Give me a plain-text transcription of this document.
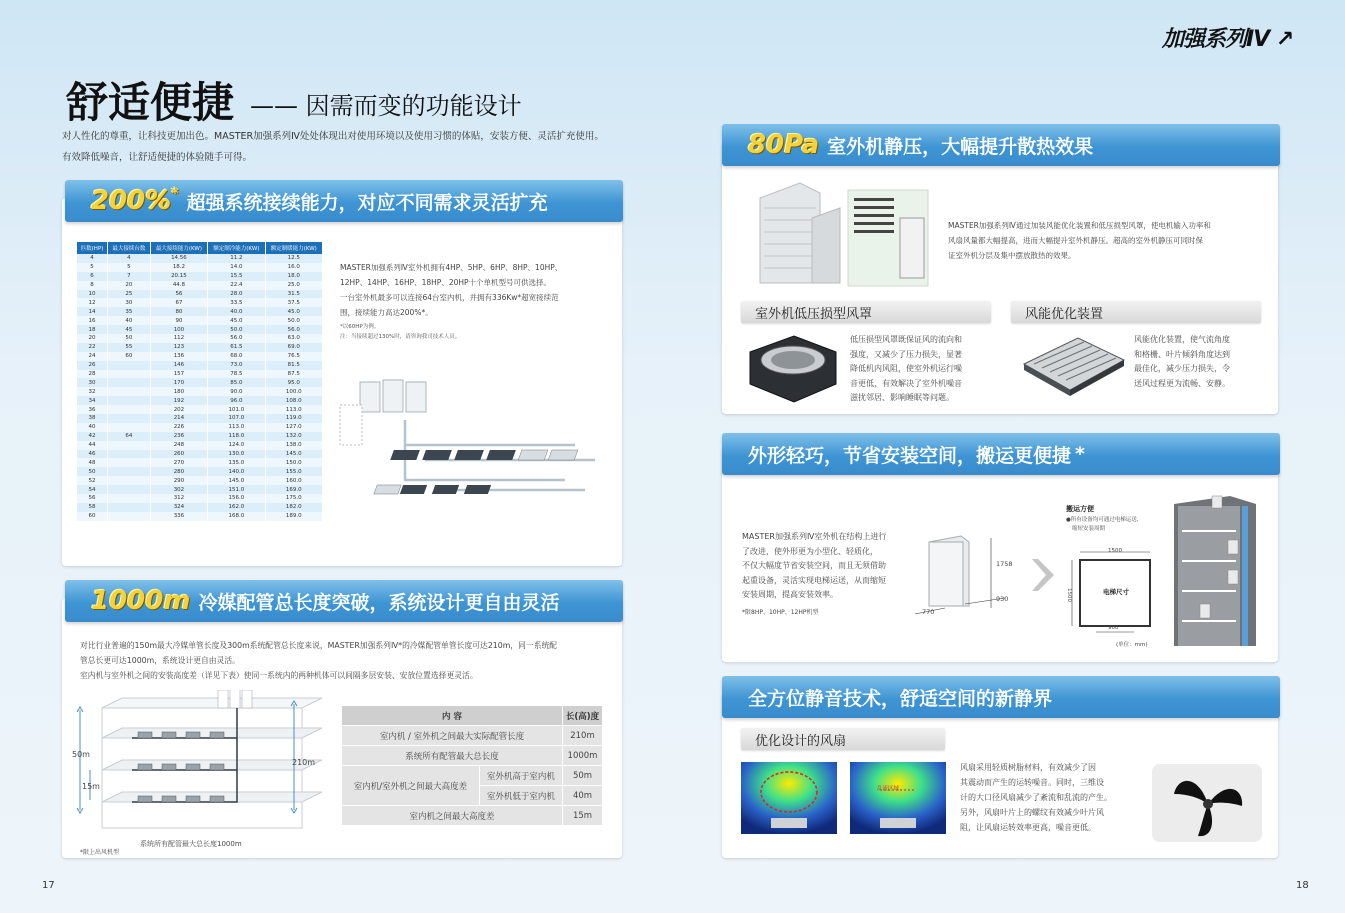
加强系列Ⅳ ↗
舒适便捷 —— 因需而变的功能设计
对人性化的尊重，让科技更加出色。MASTER加强系列Ⅳ处处体现出对使用环境以及使用习惯的体贴，安装方便、灵活扩充使用。
有效降低噪音，让舒适便捷的体验随手可得。
200%* 超强系统接续能力，对应不同需求灵活扩充
匹数(HP)	最大接续台数	最大接续能力(KW)	额定制冷能力(KW)	额定制暖能力(KW)
4	4	14.56	11.2	12.5
5	5	18.2	14.0	16.0
6	7	20.15	15.5	18.0
8	20	44.8	22.4	25.0
10	25	56	28.0	31.5
12	30	67	33.5	37.5
14	35	80	40.0	45.0
16	40	90	45.0	50.0
18	45	100	50.0	56.0
20	50	112	56.0	63.0
22	55	123	61.5	69.0
24	60	136	68.0	76.5
26		146	73.0	81.5
28		157	78.5	87.5
30		170	85.0	95.0
32		180	90.0	100.0
34		192	96.0	108.0
36		202	101.0	113.0
38		214	107.0	119.0
40		226	113.0	127.0
42	64	236	118.0	132.0
44		248	124.0	138.0
46		260	130.0	145.0
48		270	135.0	150.0
50		280	140.0	155.0
52		290	145.0	160.0
54		302	151.0	169.0
56		312	156.0	175.0
58		324	162.0	182.0
60		336	168.0	189.0
MASTER加强系列Ⅳ室外机拥有4HP、5HP、6HP、8HP、10HP、
12HP、14HP、16HP、18HP、20HP十个单机型号可供选择。
一台室外机最多可以连接64台室内机，并拥有336Kw*超宽接续范
围，接续能力高达200%*。
*以60HP为例。
注：当接续超过130%时，请咨询我司技术人员。
1000m 冷媒配管总长度突破，系统设计更自由灵活
对比行业普遍的150m最大冷媒单管长度及300m系统配管总长度来说，MASTER加强系列Ⅳ*的冷媒配管单管长度可达210m，同一系统配
管总长更可达1000m，系统设计更自由灵活。
室内机与室外机之间的安装高度差（详见下表）使同一系统内的两种机体可以间隔多层安装、安放位置选择更灵活。
50m
15m
210m
系统所有配管最大总长度1000m
*限上出风机型
内 容		长(高)度
室内机 / 室外机之间最大实际配管长度		210m
系统所有配管最大总长度		1000m
室内机/室外机之间最大高度差	室外机高于室内机	50m
	室外机低于室内机	40m
室内机之间最大高度差		15m
80Pa 室外机静压，大幅提升散热效果
MASTER加强系列Ⅳ通过加装风能优化装置和低压损型风罩，使电机输入功率和
风扇风量都大幅提高，进而大幅提升室外机静压。超高的室外机静压可同时保
证室外机分层及集中摆放散热的效果。
室外机低压损型风罩	风能优化装置
低压损型风罩既保证风的流向和
强度，又减少了压力损失，显著
降低机内风阻，使室外机运行噪
音更低，有效解决了室外机噪音
滋扰邻居、影响睡眠等问题。
风能优化装置，使气流角度
和格栅、叶片倾斜角度达到
最佳化，减少压力损失，令
送风过程更为流畅、安静。
外形轻巧，节省安装空间，搬运更便捷 *
MASTER加强系列Ⅳ室外机在结构上进行
了改进，使外形更为小型化、轻质化，
不仅大幅度节省安装空间，而且无须借助
起重设备，灵活实现电梯运送，从而缩短
安装周期，提高安装效率。
*限8HP、10HP、12HP机型
1758
770
930
搬运方便
●所有设备均可通过电梯运送,
缩短安装周期
1500
1500
900
电梯尺寸
(单位：mm)
全方位静音技术，舒适空间的新静界
优化设计的风扇
乱流区域
风扇采用轻质树脂材料，有效减少了因
其震动而产生的运转噪音。同时，三维设
计的大口径风扇减少了紊流和乱流的产生。
另外，风扇叶片上的螺纹有效减少叶片风
阻，让风扇运转效率更高，噪音更低。
17	18
